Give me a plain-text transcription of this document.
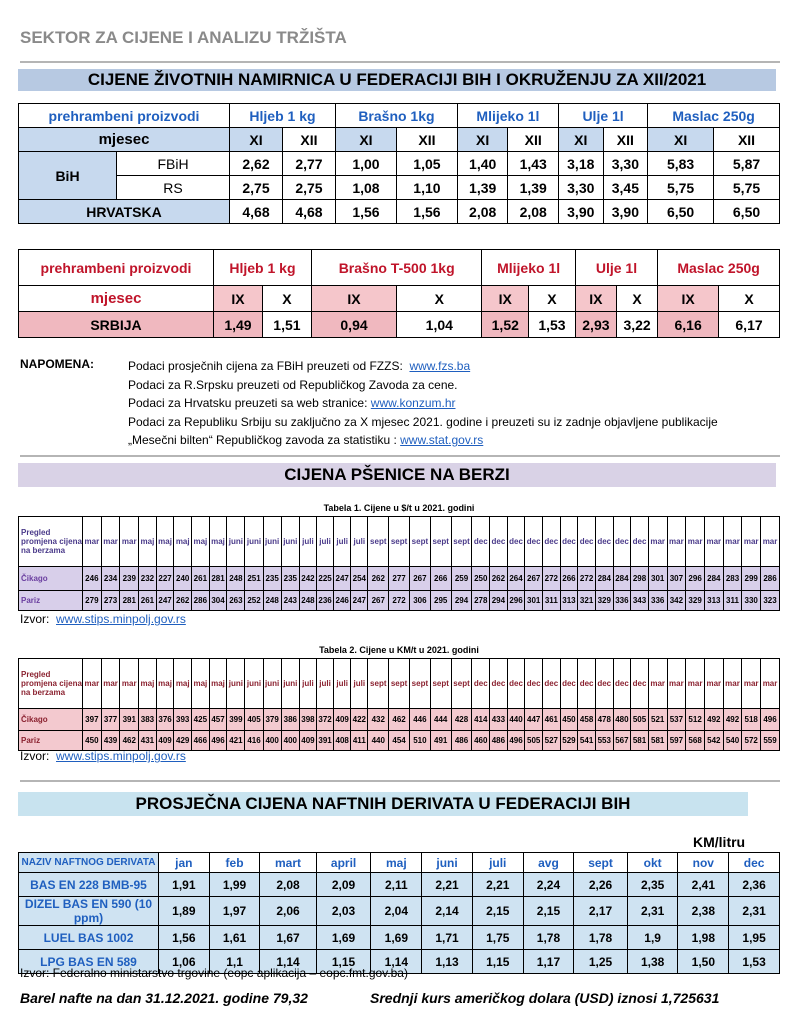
SEKTOR ZA CIJENE I ANALIZU TRŽIŠTA
CIJENE ŽIVOTNIH NAMIRNICA U FEDERACIJI BIH I OKRUŽENJU ZA XII/2021
prehrambeni proizvodi		Hljeb 1 kg		Brašno 1kg		Mlijeko 1l		Ulje 1l		Maslac 250g	
mjesec		XI	XII	XI	XII	XI	XII	XI	XII	XI	XII
BiH	FBiH	2,62	2,77	1,00	1,05	1,40	1,43	3,18	3,30	5,83	5,87
	RS	2,75	2,75	1,08	1,10	1,39	1,39	3,30	3,45	5,75	5,75
HRVATSKA		4,68	4,68	1,56	1,56	2,08	2,08	3,90	3,90	6,50	6,50
prehrambeni proizvodi	Hljeb 1 kg		Brašno T-500 1kg		Mlijeko 1l		Ulje 1l		Maslac 250g	
mjesec	IX	X	IX	X	IX	X	IX	X	IX	X
SRBIJA	1,49	1,51	0,94	1,04	1,52	1,53	2,93	3,22	6,16	6,17
NAPOMENA:	Podaci prosječnih cijena za FBiH preuzeti od FZZS: www.fzs.ba
Podaci za R.Srpsku preuzeti od Republičkog Zavoda za cene.
Podaci za Hrvatsku preuzeti sa web stranice: www.konzum.hr
Podaci za Republiku Srbiju su zaključno za X mjesec 2021. godine i preuzeti su iz zadnje objavljene publikacije
„Mesečni bilten“ Republičkog zavoda za statistiku : www.stat.gov.rs
CIJENA PŠENICE NA BERZI
Tabela 1. Cijene u $/t u 2021. godini
Pregled promjena cijena na berzama	mar	mar	mar	maj	maj	maj	maj	maj	juni	juni	juni	juni	juli	juli	juli	juli	sept	sept	sept	sept	sept	dec	dec	dec	dec	dec	dec	dec	dec	dec	dec	mar	mar	mar	mar	mar	mar	mar
Čikago	246	234	239	232	227	240	261	281	248	251	235	235	242	225	247	254	262	277	267	266	259	250	262	264	267	272	266	272	284	284	298	301	307	296	284	283	299	286
Pariz	279	273	281	261	247	262	286	304	263	252	248	243	248	236	246	247	267	272	306	295	294	278	294	296	301	311	313	321	329	336	343	336	342	329	313	311	330	323
Izvor: www.stips.minpolj.gov.rs
Tabela 2. Cijene u KM/t u 2021. godini
Pregled promjena cijena na berzama	mar	mar	mar	maj	maj	maj	maj	maj	juni	juni	juni	juni	juli	juli	juli	juli	sept	sept	sept	sept	sept	dec	dec	dec	dec	dec	dec	dec	dec	dec	dec	mar	mar	mar	mar	mar	mar	mar
Čikago	397	377	391	383	376	393	425	457	399	405	379	386	398	372	409	422	432	462	446	444	428	414	433	440	447	461	450	458	478	480	505	521	537	512	492	492	518	496
Pariz	450	439	462	431	409	429	466	496	421	416	400	400	409	391	408	411	440	454	510	491	486	460	486	496	505	527	529	541	553	567	581	581	597	568	542	540	572	559
Izvor: www.stips.minpolj.gov.rs
PROSJEČNA CIJENA NAFTNIH DERIVATA U FEDERACIJI BIH
KM/litru
NAZIV NAFTNOG DERIVATA	jan	feb	mart	april	maj	juni	juli	avg	sept	okt	nov	dec
BAS EN 228 BMB-95	1,91	1,99	2,08	2,09	2,11	2,21	2,21	2,24	2,26	2,35	2,41	2,36
DIZEL BAS EN 590 (10 ppm)	1,89	1,97	2,06	2,03	2,04	2,14	2,15	2,15	2,17	2,31	2,38	2,31
LUEL BAS 1002	1,56	1,61	1,67	1,69	1,69	1,71	1,75	1,78	1,78	1,9	1,98	1,95
LPG BAS EN 589	1,06	1,1	1,14	1,15	1,14	1,13	1,15	1,17	1,25	1,38	1,50	1,53
Izvor: Federalno ministarstvo trgovine (eopc aplikacija – eopc.fmt.gov.ba)
Barel nafte na dan 31.12.2021. godine 79,32	Srednji kurs američkog dolara (USD) iznosi 1,725631
